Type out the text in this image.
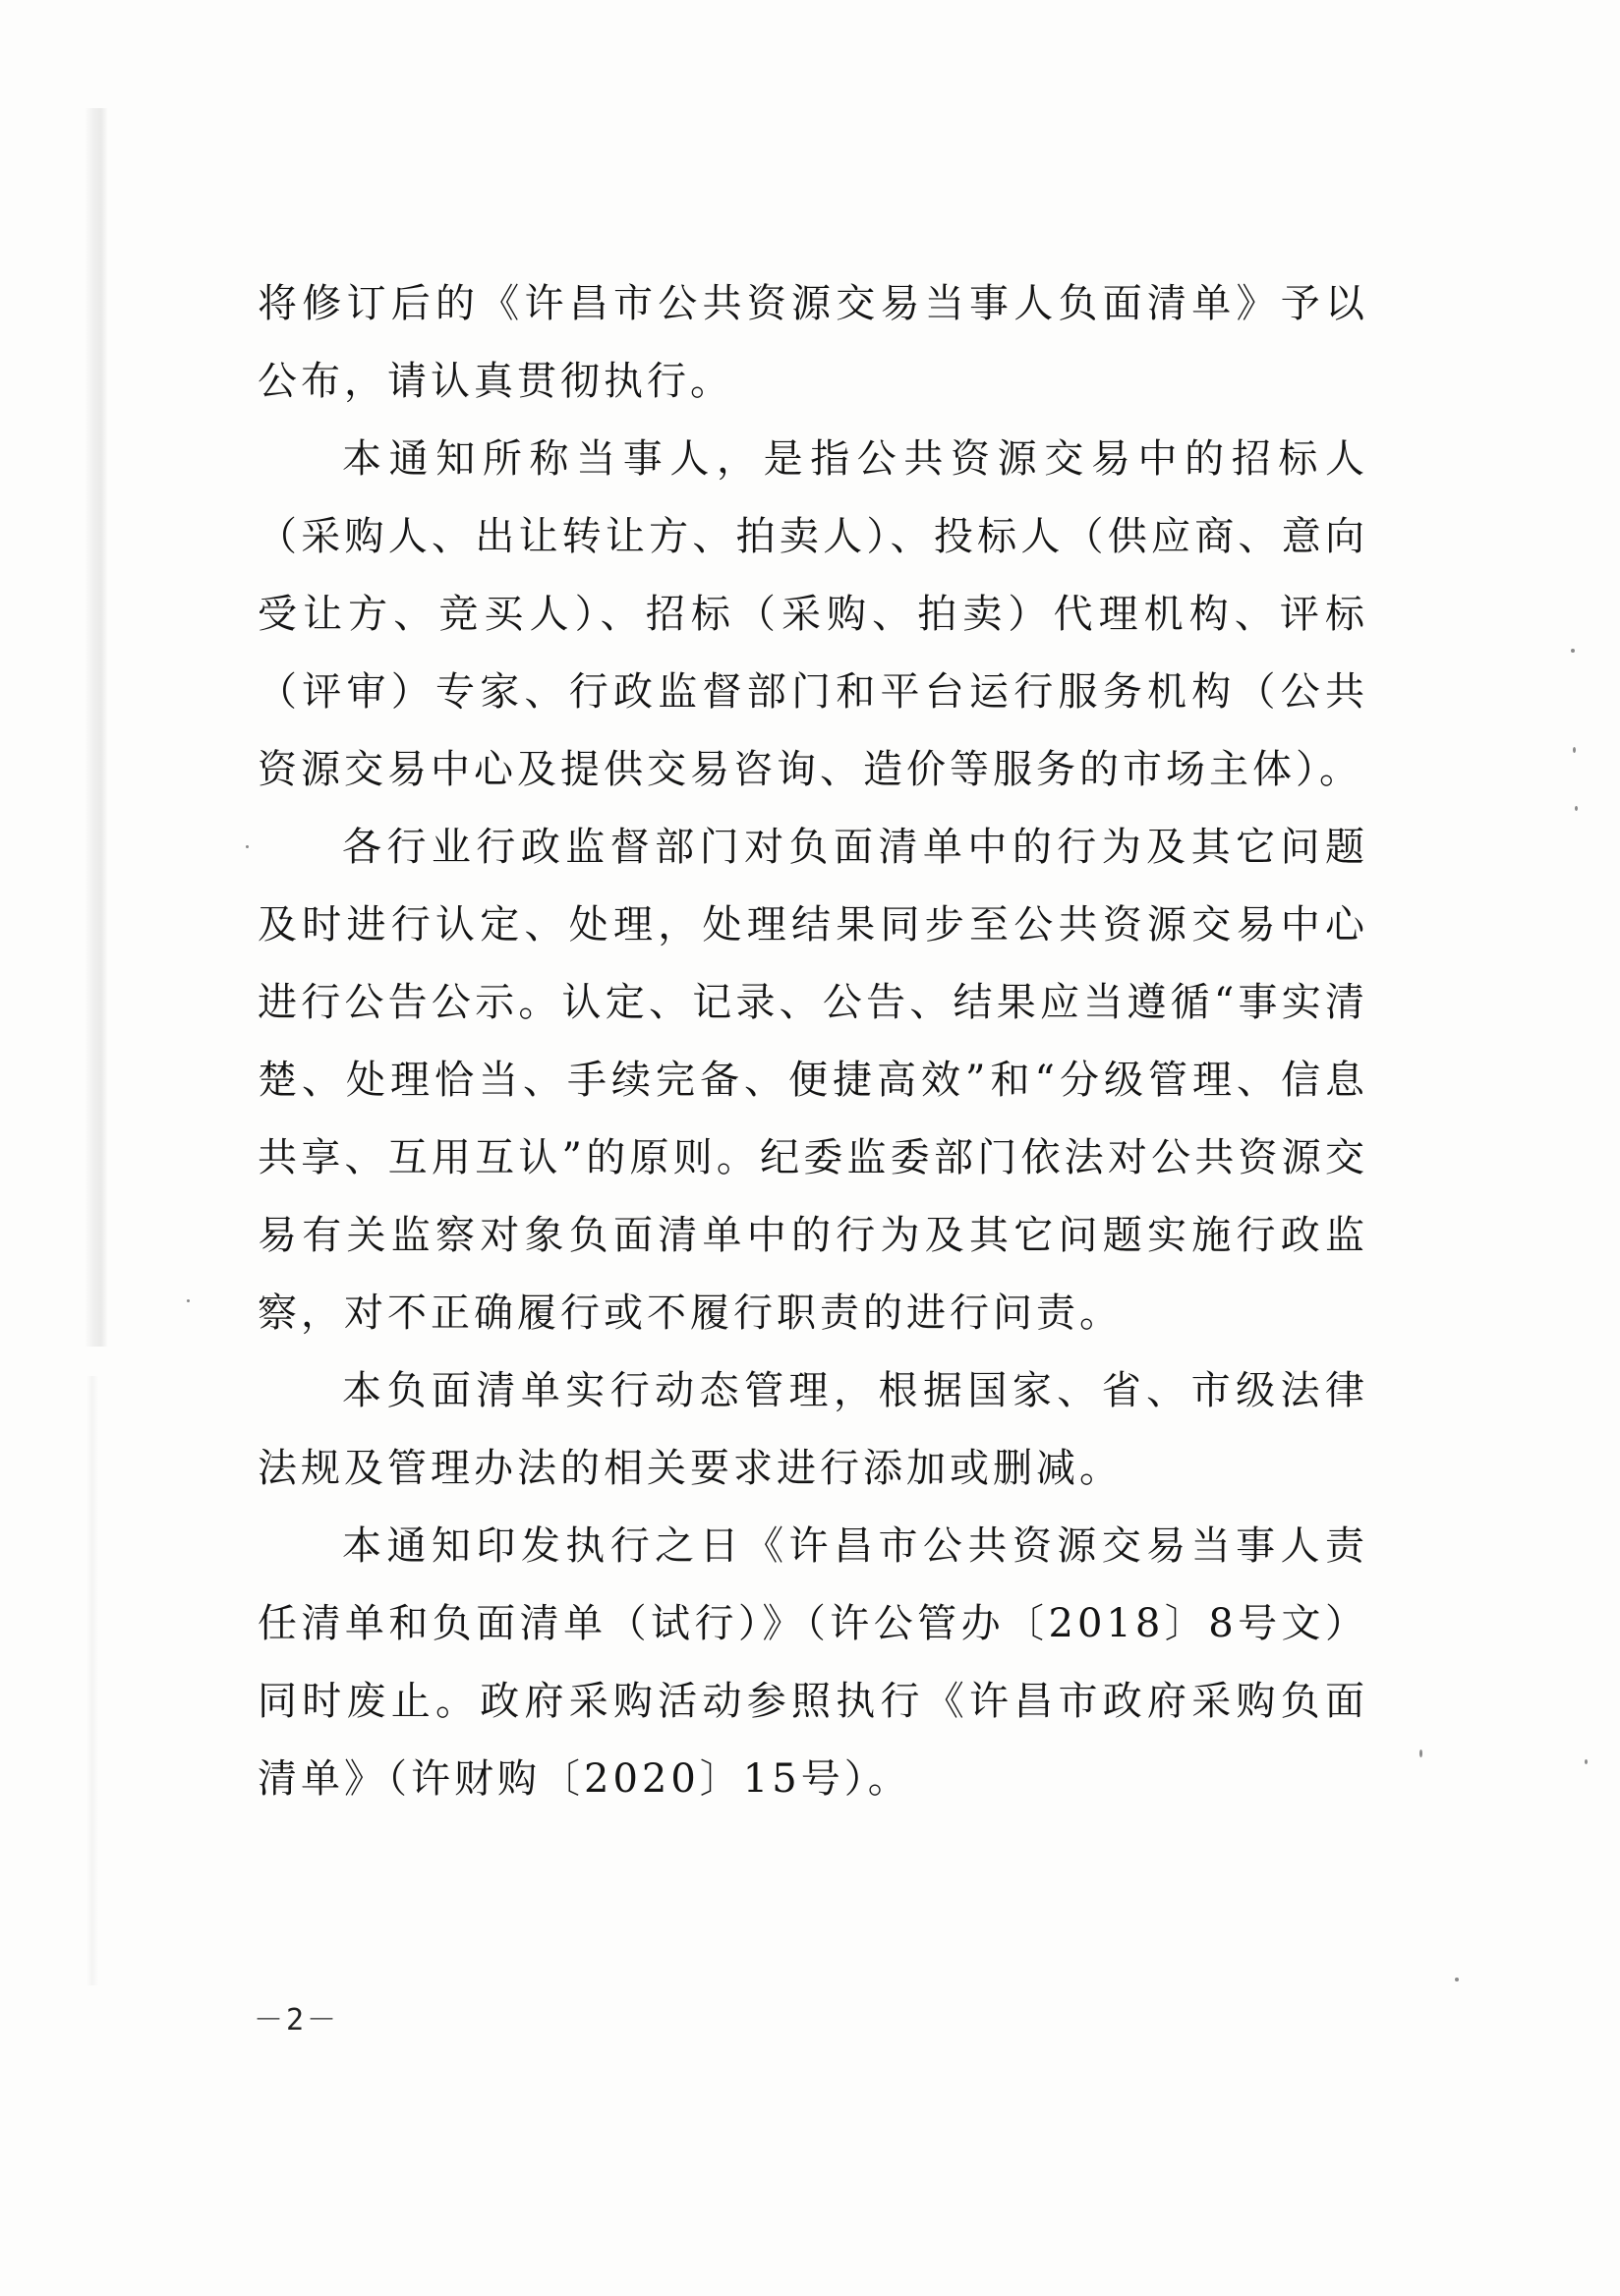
将修订后的《许昌市公共资源交易当事人负面清单》予以公布，请认真贯彻执行。

本通知所称当事人，是指公共资源交易中的招标人（采购人、出让转让方、拍卖人）、投标人（供应商、意向受让方、竞买人）、招标（采购、拍卖）代理机构、评标（评审）专家、行政监督部门和平台运行服务机构（公共资源交易中心及提供交易咨询、造价等服务的市场主体）。

各行业行政监督部门对负面清单中的行为及其它问题及时进行认定、处理，处理结果同步至公共资源交易中心进行公告公示。认定、记录、公告、结果应当遵循“事实清楚、处理恰当、手续完备、便捷高效”和“分级管理、信息共享、互用互认”的原则。纪委监委部门依法对公共资源交易有关监察对象负面清单中的行为及其它问题实施行政监察，对不正确履行或不履行职责的进行问责。

本负面清单实行动态管理，根据国家、省、市级法律法规及管理办法的相关要求进行添加或删减。

本通知印发执行之日《许昌市公共资源交易当事人责任清单和负面清单（试行）》（许公管办〔2018〕8号文）同时废止。政府采购活动参照执行《许昌市政府采购负面清单》（许财购〔2020〕15号）。

－2－
